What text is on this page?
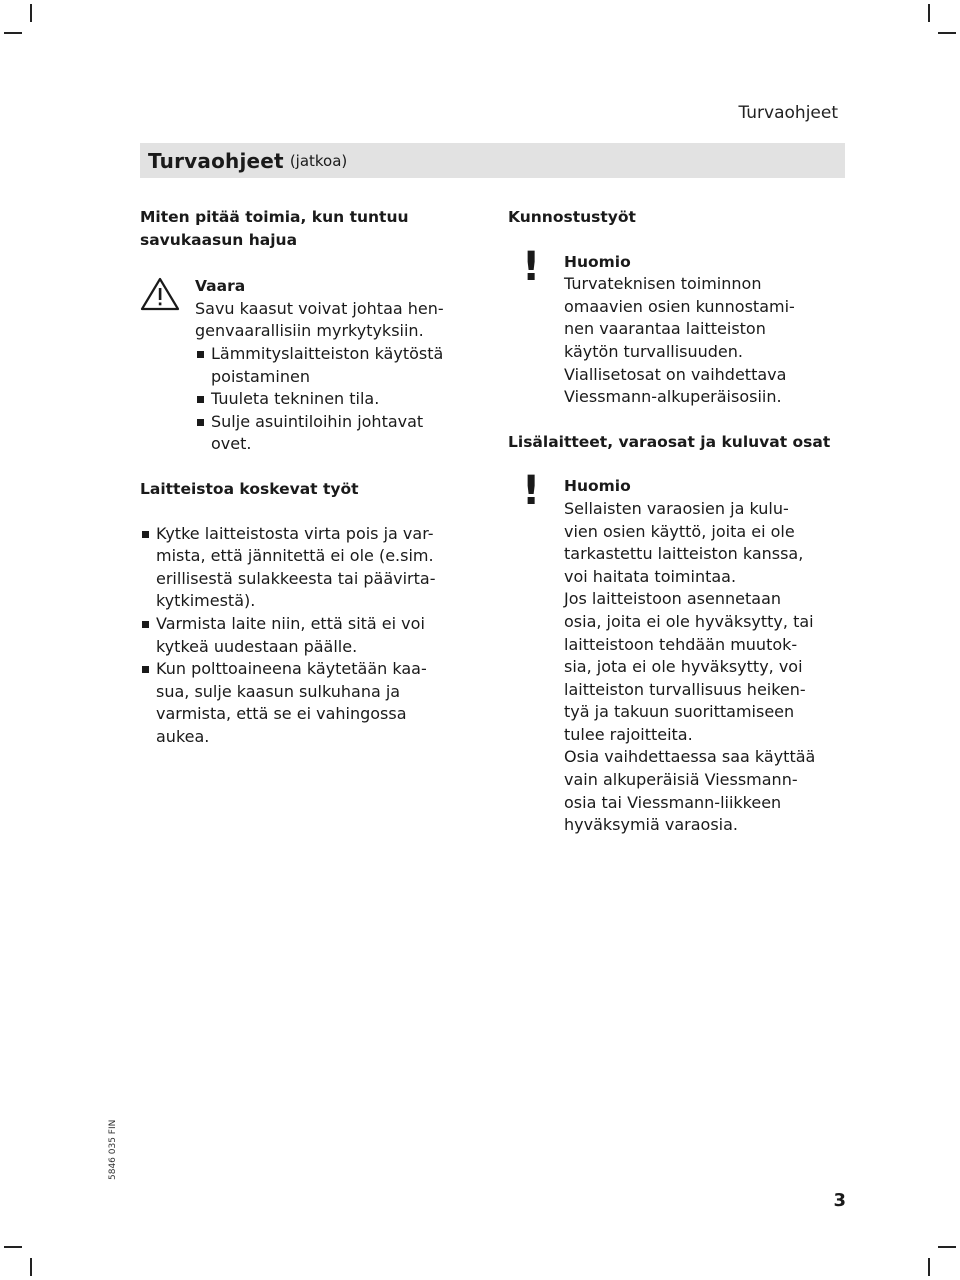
Turvaohjeet
Turvaohjeet (jatkoa)
Miten pitää toimia, kun tuntuu
savukaasun hajua
Vaara
Savu kaasut voivat johtaa hen-
genvaarallisiin myrkytyksiin.
Lämmityslaitteiston käytöstä
poistaminen
Tuuleta tekninen tila.
Sulje asuintiloihin johtavat
ovet.
Laitteistoa koskevat työt
Kytke laitteistosta virta pois ja var-
mista, että jännitettä ei ole (e.sim.
erillisestä sulakkeesta tai päävirta-
kytkimestä).
Varmista laite niin, että sitä ei voi
kytkeä uudestaan päälle.
Kun polttoaineena käytetään kaa-
sua, sulje kaasun sulkuhana ja
varmista, että se ei vahingossa
aukea.
Kunnostustyöt
! Huomio
Turvateknisen toiminnon
omaavien osien kunnostami-
nen vaarantaa laitteiston
käytön turvallisuuden.
Viallisetosat on vaihdettava
Viessmann-alkuperäisosiin.
Lisälaitteet, varaosat ja kuluvat osat
! Huomio
Sellaisten varaosien ja kulu-
vien osien käyttö, joita ei ole
tarkastettu laitteiston kanssa,
voi haitata toimintaa.
Jos laitteistoon asennetaan
osia, joita ei ole hyväksytty, tai
laitteistoon tehdään muutok-
sia, jota ei ole hyväksytty, voi
laitteiston turvallisuus heiken-
tyä ja takuun suorittamiseen
tulee rajoitteita.
Osia vaihdettaessa saa käyttää
vain alkuperäisiä Viessmann-
osia tai Viessmann-liikkeen
hyväksymiä varaosia.
5846 035 FIN
3
